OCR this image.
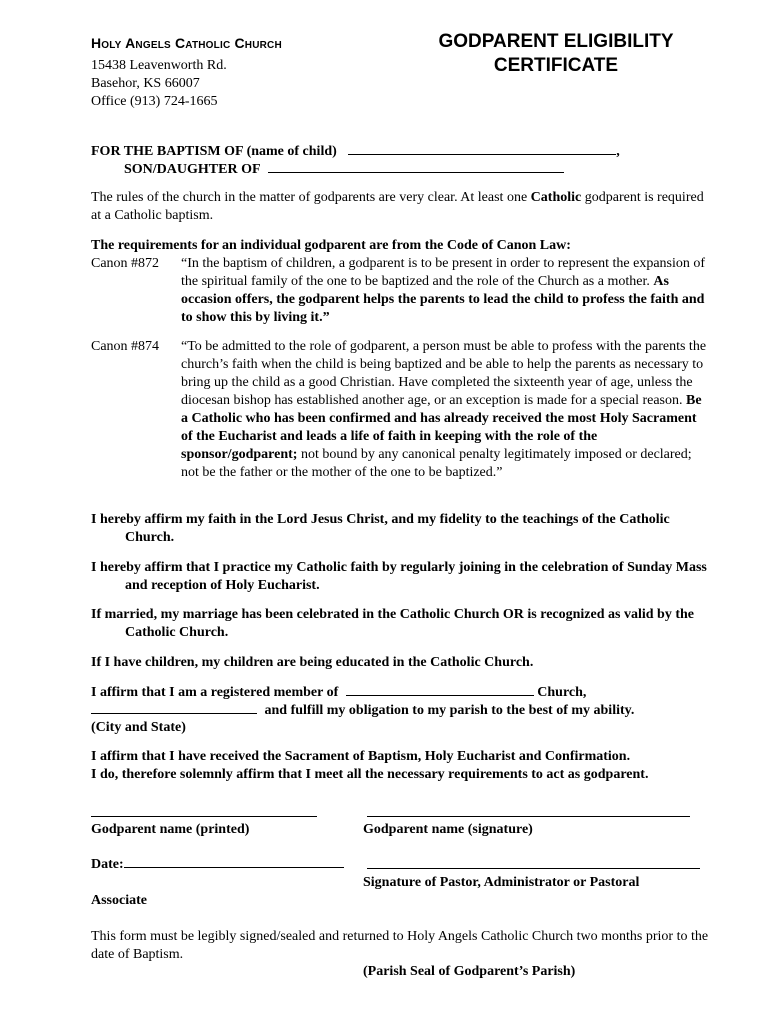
Holy Angels Catholic Church
15438 Leavenworth Rd.
Basehor, KS 66007
Office (913) 724-1665
GODPARENT ELIGIBILITY
CERTIFICATE
FOR THE BAPTISM OF (name of child)	,
SON/DAUGHTER OF
The rules of the church in the matter of godparents are very clear. At least one Catholic godparent is required at a Catholic baptism.
The requirements for an individual godparent are from the Code of Canon Law:
Canon #872	“In the baptism of children, a godparent is to be present in order to represent the expansion of the spiritual family of the one to be baptized and the role of the Church as a mother. As occasion offers, the godparent helps the parents to lead the child to profess the faith and to show this by living it.”
Canon #874	“To be admitted to the role of godparent, a person must be able to profess with the parents the church’s faith when the child is being baptized and be able to help the parents as necessary to bring up the child as a good Christian. Have completed the sixteenth year of age, unless the diocesan bishop has established another age, or an exception is made for a special reason. Be a Catholic who has been confirmed and has already received the most Holy Sacrament of the Eucharist and leads a life of faith in keeping with the role of the sponsor/godparent; not bound by any canonical penalty legitimately imposed or declared; not be the father or the mother of the one to be baptized.”
I hereby affirm my faith in the Lord Jesus Christ, and my fidelity to the teachings of the Catholic Church.
I hereby affirm that I practice my Catholic faith by regularly joining in the celebration of Sunday Mass and reception of Holy Eucharist.
If married, my marriage has been celebrated in the Catholic Church OR is recognized as valid by the Catholic Church.
If I have children, my children are being educated in the Catholic Church.
I affirm that I am a registered member of	Church,
and fulfill my obligation to my parish to the best of my ability.
(City and State)
I affirm that I have received the Sacrament of Baptism, Holy Eucharist and Confirmation.
I do, therefore solemnly affirm that I meet all the necessary requirements to act as godparent.
Godparent name (printed)	Godparent name (signature)
Date:
Signature of Pastor, Administrator or Pastoral
Associate
This form must be legibly signed/sealed and returned to Holy Angels Catholic Church two months prior to the date of Baptism.
(Parish Seal of Godparent’s Parish)
